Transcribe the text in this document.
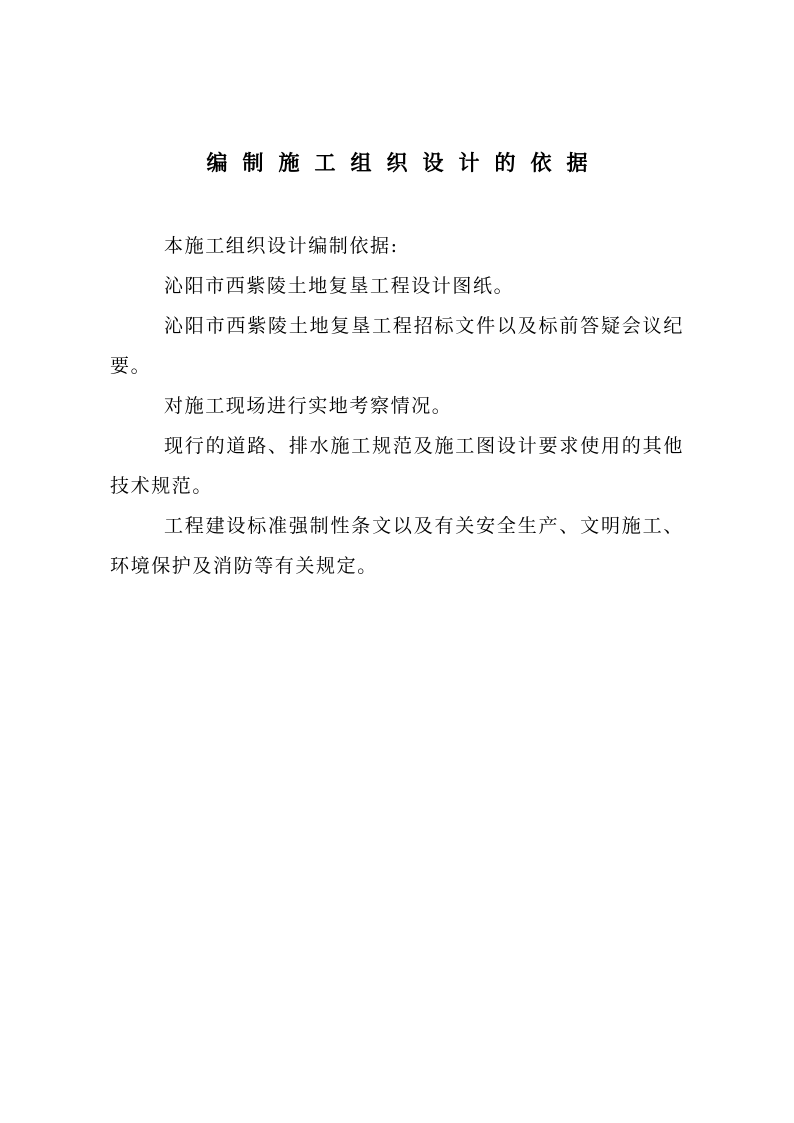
编制施工组织设计的依据

本施工组织设计编制依据:

沁阳市西紫陵土地复垦工程设计图纸。

沁阳市西紫陵土地复垦工程招标文件以及标前答疑会议纪要。

对施工现场进行实地考察情况。

现行的道路、排水施工规范及施工图设计要求使用的其他技术规范。

工程建设标准强制性条文以及有关安全生产、文明施工、环境保护及消防等有关规定。
